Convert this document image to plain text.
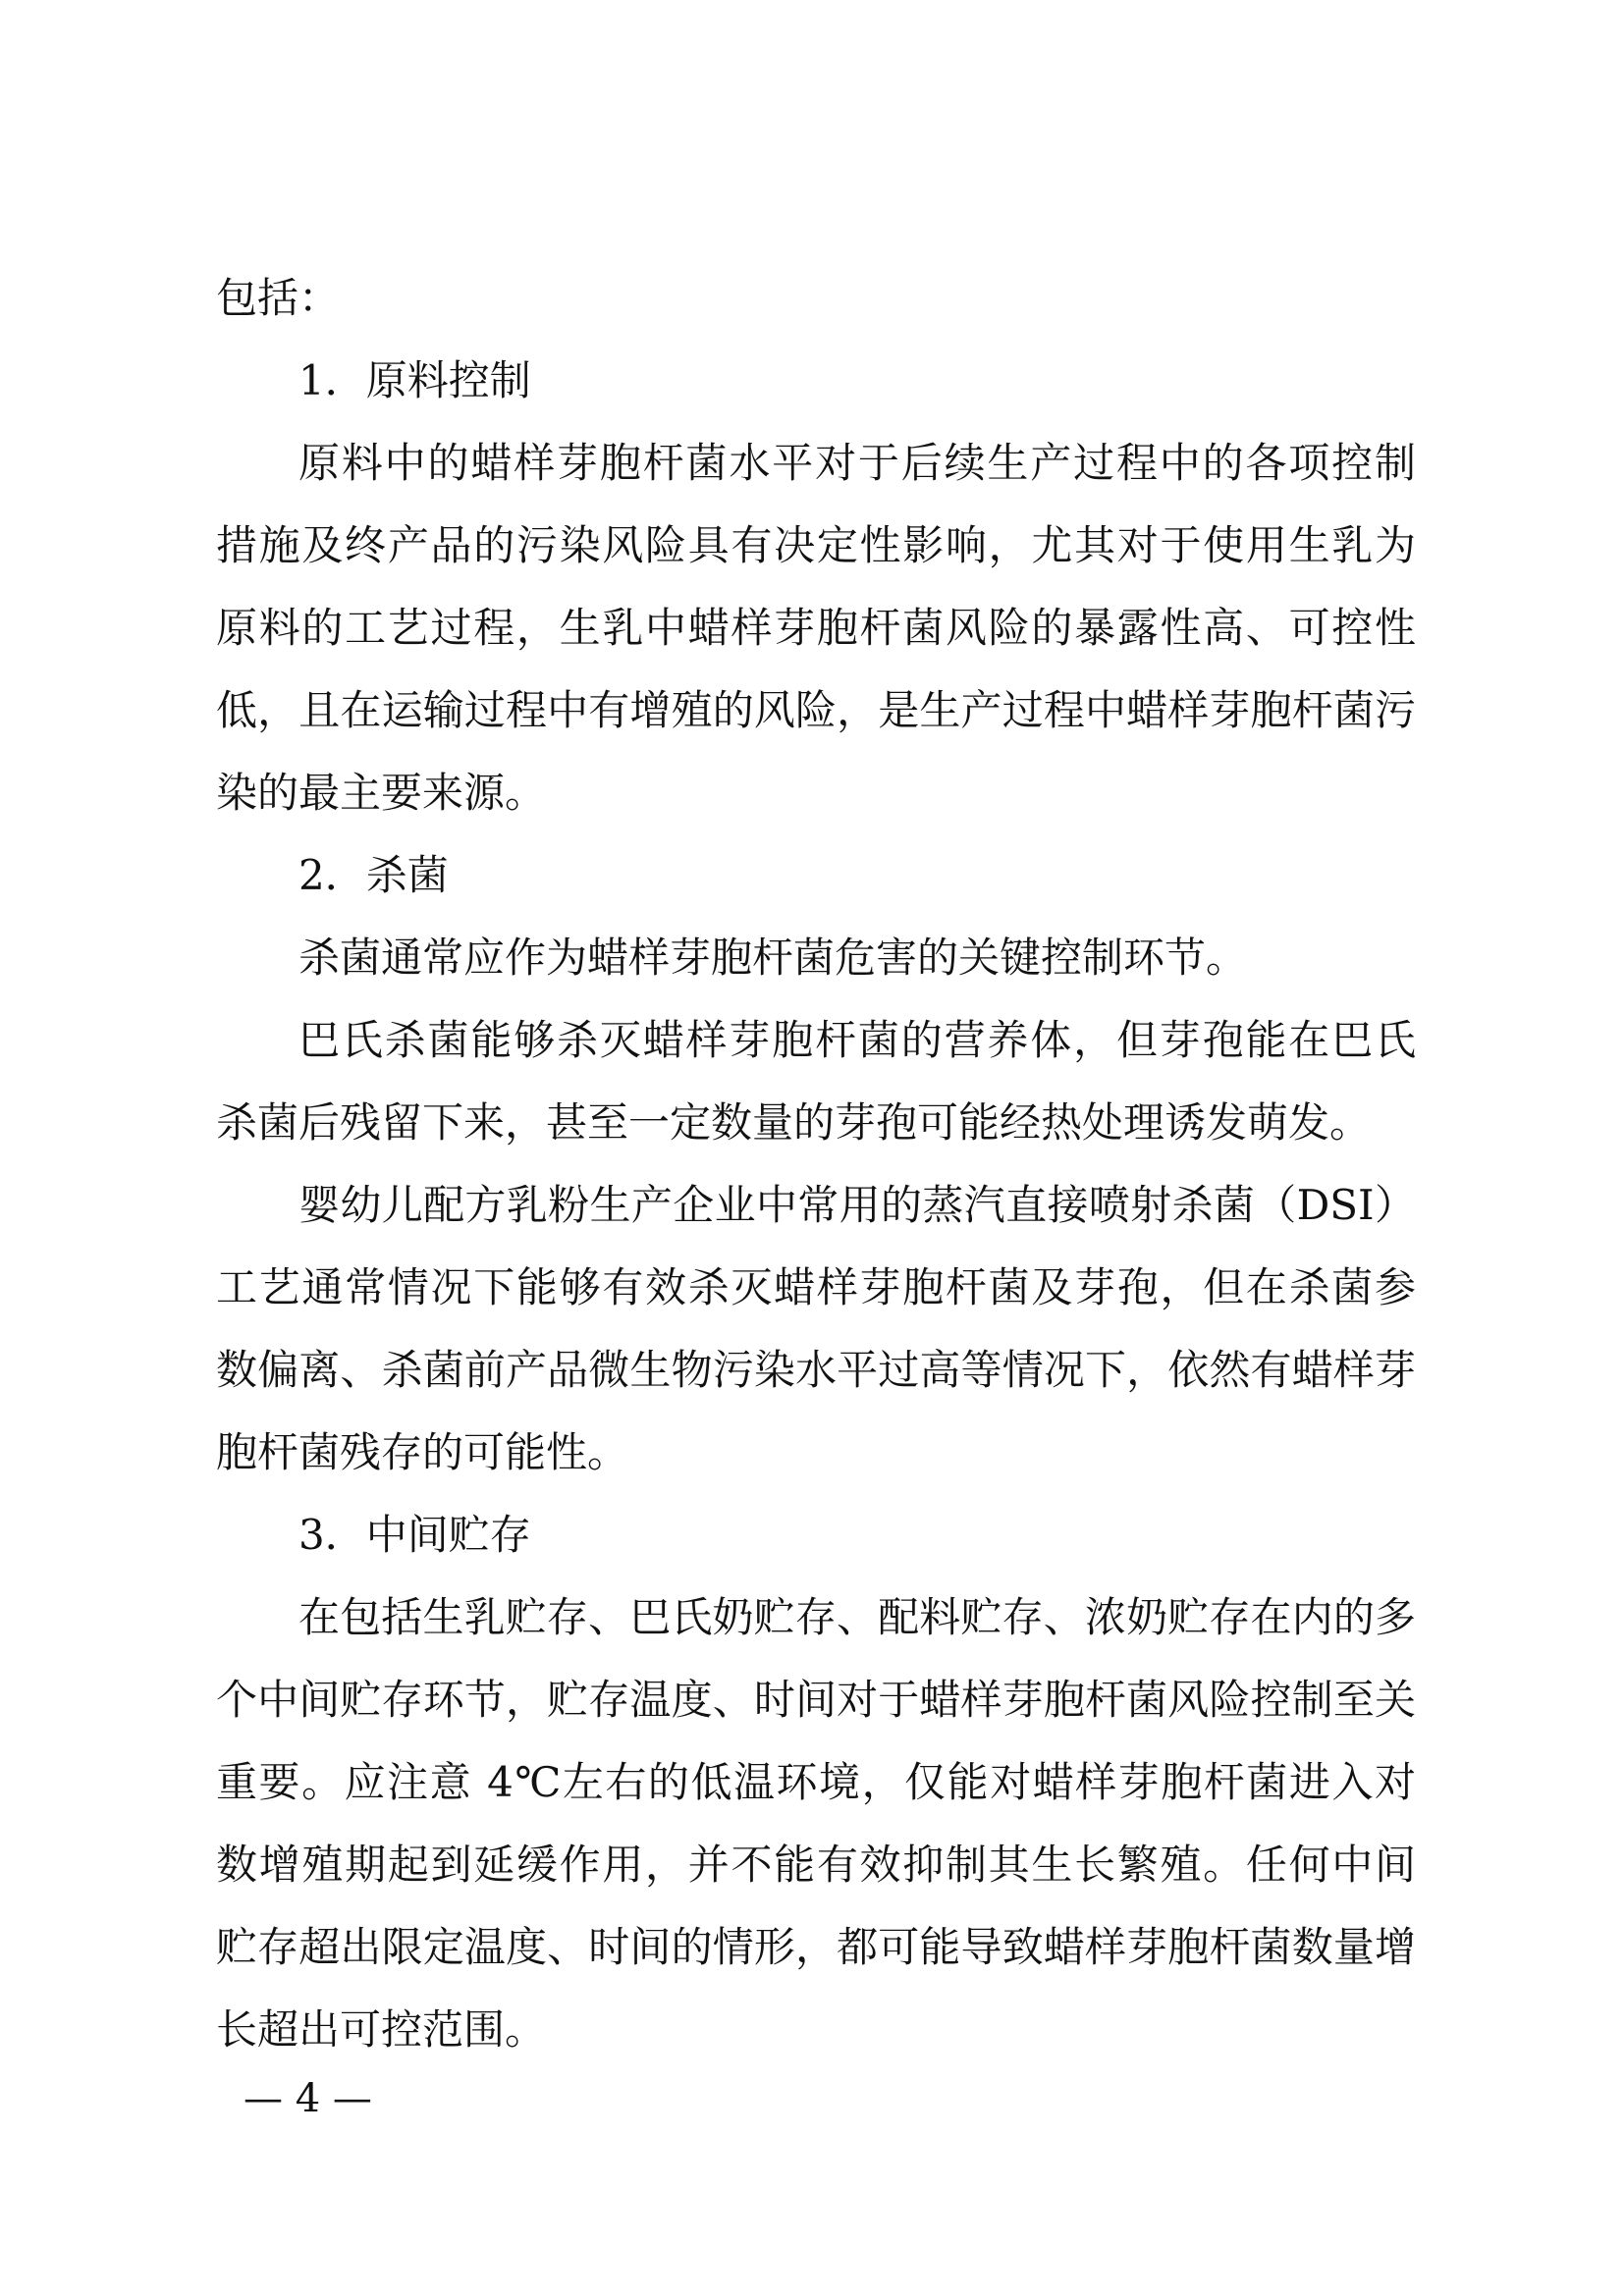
包括：
1．原料控制
原料中的蜡样芽胞杆菌水平对于后续生产过程中的各项控制
措施及终产品的污染风险具有决定性影响，尤其对于使用生乳为
原料的工艺过程，生乳中蜡样芽胞杆菌风险的暴露性高、可控性
低，且在运输过程中有增殖的风险，是生产过程中蜡样芽胞杆菌污
染的最主要来源。
2．杀菌
杀菌通常应作为蜡样芽胞杆菌危害的关键控制环节。
巴氏杀菌能够杀灭蜡样芽胞杆菌的营养体，但芽孢能在巴氏
杀菌后残留下来，甚至一定数量的芽孢可能经热处理诱发萌发。
婴幼儿配方乳粉生产企业中常用的蒸汽直接喷射杀菌（DSI）
工艺通常情况下能够有效杀灭蜡样芽胞杆菌及芽孢，但在杀菌参
数偏离、杀菌前产品微生物污染水平过高等情况下，依然有蜡样芽
胞杆菌残存的可能性。
3．中间贮存
在包括生乳贮存、巴氏奶贮存、配料贮存、浓奶贮存在内的多
个中间贮存环节，贮存温度、时间对于蜡样芽胞杆菌风险控制至关
重要。应注意 4℃左右的低温环境，仅能对蜡样芽胞杆菌进入对
数增殖期起到延缓作用，并不能有效抑制其生长繁殖。任何中间
贮存超出限定温度、时间的情形，都可能导致蜡样芽胞杆菌数量增
长超出可控范围。
— 4 —
